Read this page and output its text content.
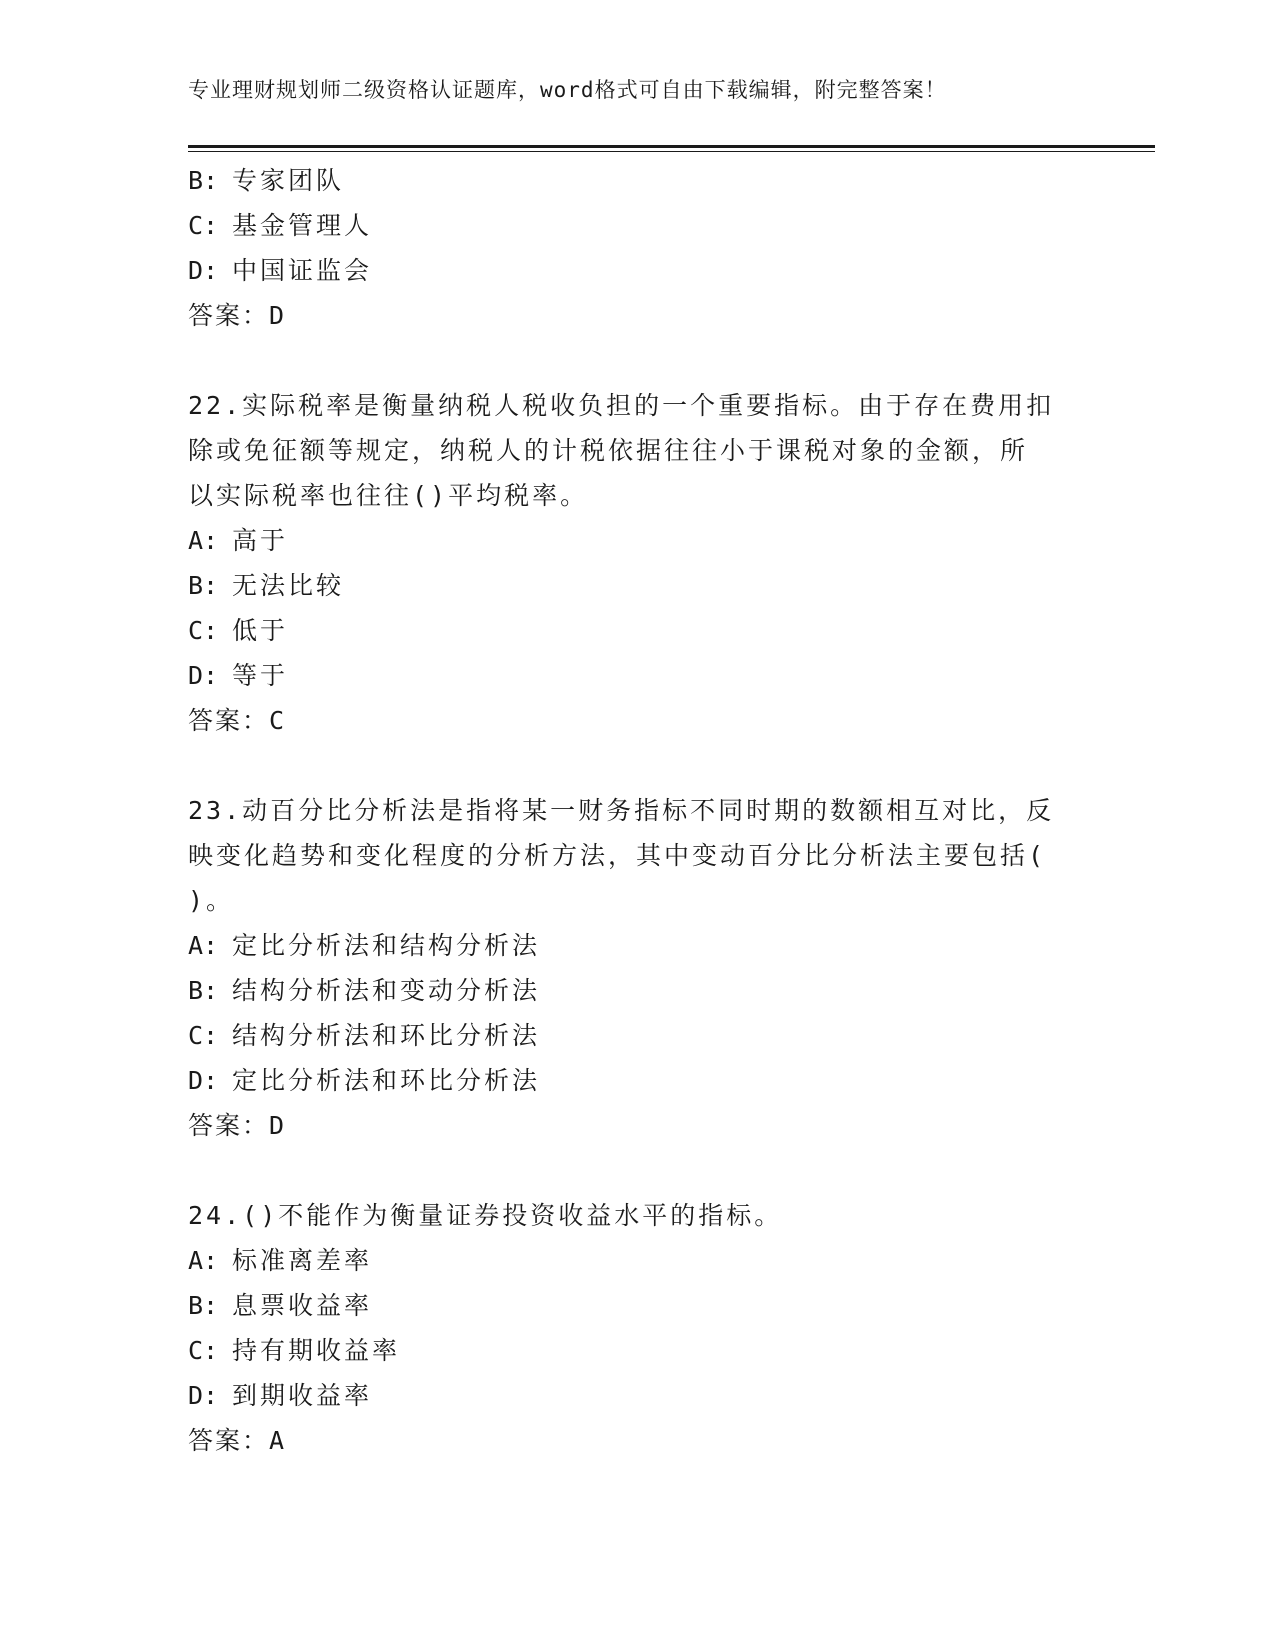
专业理财规划师二级资格认证题库，word格式可自由下载编辑，附完整答案！
B: 专家团队
C: 基金管理人
D: 中国证监会
答案：D
22.实际税率是衡量纳税人税收负担的一个重要指标。由于存在费用扣
除或免征额等规定，纳税人的计税依据往往小于课税对象的金额，所
以实际税率也往往()平均税率。
A: 高于
B: 无法比较
C: 低于
D: 等于
答案：C
23.动百分比分析法是指将某一财务指标不同时期的数额相互对比，反
映变化趋势和变化程度的分析方法，其中变动百分比分析法主要包括(
)。
A: 定比分析法和结构分析法
B: 结构分析法和变动分析法
C: 结构分析法和环比分析法
D: 定比分析法和环比分析法
答案：D
24.()不能作为衡量证券投资收益水平的指标。
A: 标准离差率
B: 息票收益率
C: 持有期收益率
D: 到期收益率
答案：A
